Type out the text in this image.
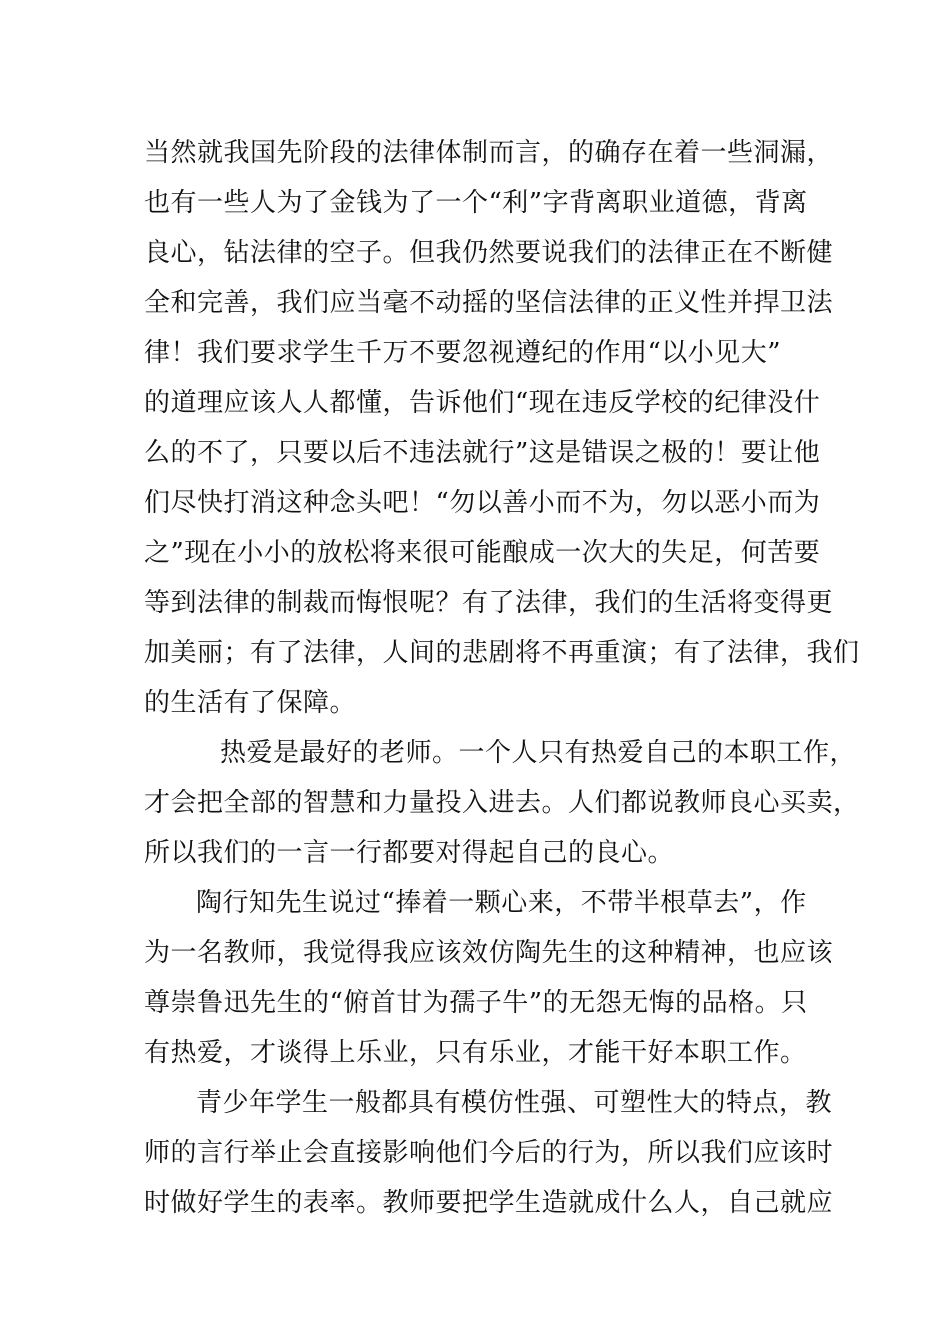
当然就我国先阶段的法律体制而言，的确存在着一些洞漏，
也有一些人为了金钱为了一个“利”字背离职业道德，背离
良心，钻法律的空子。但我仍然要说我们的法律正在不断健
全和完善，我们应当毫不动摇的坚信法律的正义性并捍卫法
律！我们要求学生千万不要忽视遵纪的作用“以小见大”
的道理应该人人都懂，告诉他们“现在违反学校的纪律没什
么的不了，只要以后不违法就行”这是错误之极的！要让他
们尽快打消这种念头吧！“勿以善小而不为，勿以恶小而为
之”现在小小的放松将来很可能酿成一次大的失足，何苦要
等到法律的制裁而悔恨呢？有了法律，我们的生活将变得更
加美丽；有了法律，人间的悲剧将不再重演；有了法律，我们
的生活有了保障。
热爱是最好的老师。一个人只有热爱自己的本职工作，
才会把全部的智慧和力量投入进去。人们都说教师良心买卖，
所以我们的一言一行都要对得起自己的良心。
陶行知先生说过“捧着一颗心来，不带半根草去”，作
为一名教师，我觉得我应该效仿陶先生的这种精神，也应该
尊崇鲁迅先生的“俯首甘为孺子牛”的无怨无悔的品格。只
有热爱，才谈得上乐业，只有乐业，才能干好本职工作。
青少年学生一般都具有模仿性强、可塑性大的特点，教
师的言行举止会直接影响他们今后的行为，所以我们应该时
时做好学生的表率。教师要把学生造就成什么人，自己就应
